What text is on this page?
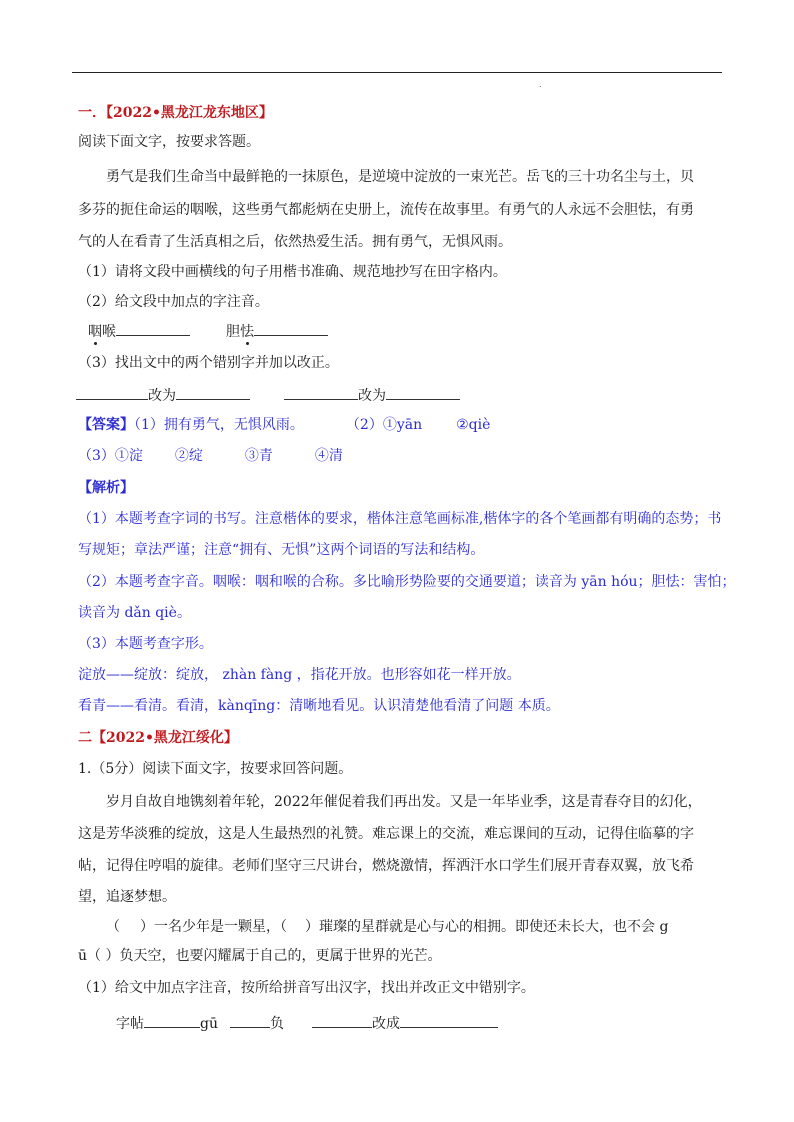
.
一．【2022•黑龙江龙东地区】
阅读下面文字，按要求答题。
勇气是我们生命当中最鲜艳的一抹原色，是逆境中淀放的一束光芒。岳飞的三十功名尘与土，贝
多芬的扼住命运的咽喉，这些勇气都彪炳在史册上，流传在故事里。有勇气的人永远不会胆怯，有勇
气的人在看青了生活真相之后，依然热爱生活。拥有勇气，无惧风雨。
（1）请将文段中画横线的句子用楷书准确、规范地抄写在田字格内。
（2）给文段中加点的字注音。
咽喉	胆怯
（3）找出文中的两个错别字并加以改正。
改为	改为
【答案】（1）拥有勇气，无惧风雨。	（2）①yān ②qiè
（3）①淀 ②绽	③青	④清
【解析】
（1）本题考查字词的书写。注意楷体的要求，楷体注意笔画标准,楷体字的各个笔画都有明确的态势；书
写规矩；章法严谨；注意“拥有、无惧”这两个词语的写法和结构。
（2）本题考查字音。咽喉：咽和喉的合称。多比喻形势险要的交通要道；读音为 yān hóu；胆怯：害怕；
读音为 dǎn qiè。
（3）本题考查字形。
淀放——绽放：绽放， zhàn fàng ，指花开放。也形容如花一样开放。
看青——看清。看清，kànqīng：清晰地看见。认识清楚他看清了问题 本质。
二【2022•黑龙江绥化】
1.（5分）阅读下面文字，按要求回答问题。
岁月自故自地镌刻着年轮，2022年催促着我们再出发。又是一年毕业季，这是青春夺目的幻化，
这是芳华淡雅的绽放，这是人生最热烈的礼赞。难忘课上的交流，难忘课间的互动，记得住临摹的字
帖，记得住哼唱的旋律。老师们坚守三尺讲台，燃烧激情，挥洒汗水口学生们展开青春双翼，放飞希
望，追逐梦想。
（ ）一名少年是一颗星，（ ）璀璨的星群就是心与心的相拥。即使还未长大，也不会 g
ū（ ）负天空，也要闪耀属于自己的，更属于世界的光芒。
（1）给文中加点字注音，按所给拼音写出汉字，找出并改正文中错别字。
字帖	gū	负	改成
